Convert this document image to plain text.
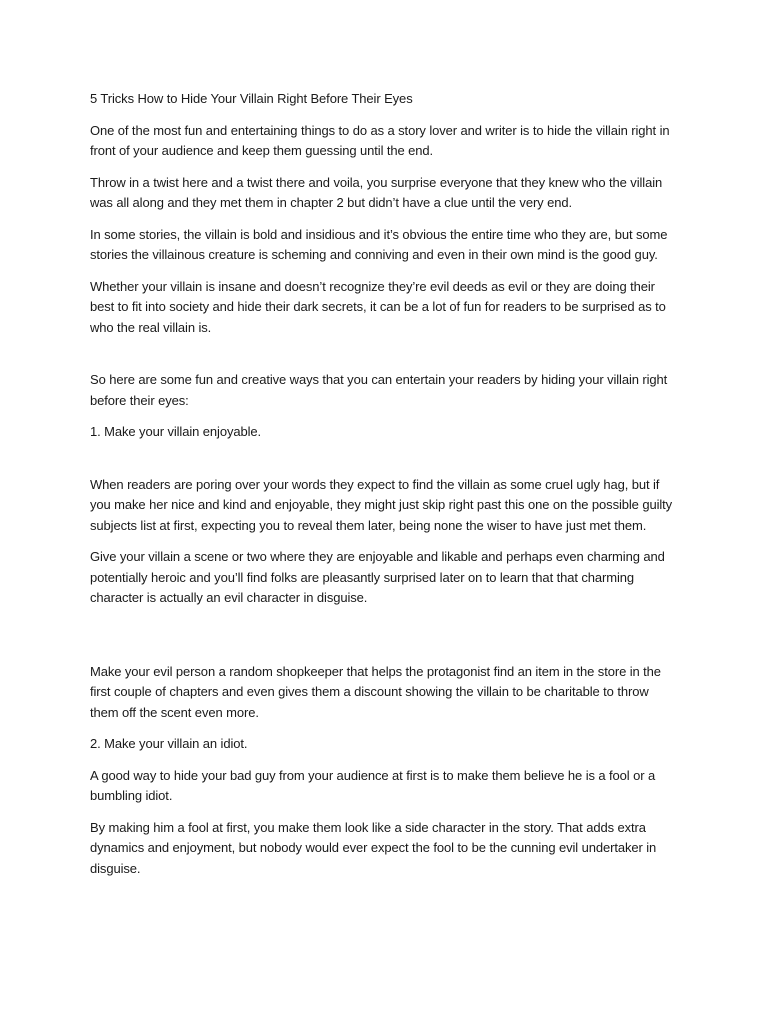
5 Tricks How to Hide Your Villain Right Before Their Eyes

One of the most fun and entertaining things to do as a story lover and writer is to hide the villain right in front of your audience and keep them guessing until the end.

Throw in a twist here and a twist there and voila, you surprise everyone that they knew who the villain was all along and they met them in chapter 2 but didn’t have a clue until the very end.

In some stories, the villain is bold and insidious and it’s obvious the entire time who they are, but some stories the villainous creature is scheming and conniving and even in their own mind is the good guy.

Whether your villain is insane and doesn’t recognize they’re evil deeds as evil or they are doing their best to fit into society and hide their dark secrets, it can be a lot of fun for readers to be surprised as to who the real villain is.

So here are some fun and creative ways that you can entertain your readers by hiding your villain right before their eyes:

1. Make your villain enjoyable.

When readers are poring over your words they expect to find the villain as some cruel ugly hag, but if you make her nice and kind and enjoyable, they might just skip right past this one on the possible guilty subjects list at first, expecting you to reveal them later, being none the wiser to have just met them.

Give your villain a scene or two where they are enjoyable and likable and perhaps even charming and potentially heroic and you’ll find folks are pleasantly surprised later on to learn that that charming character is actually an evil character in disguise.

Make your evil person a random shopkeeper that helps the protagonist find an item in the store in the first couple of chapters and even gives them a discount showing the villain to be charitable to throw them off the scent even more.

2. Make your villain an idiot.

A good way to hide your bad guy from your audience at first is to make them believe he is a fool or a bumbling idiot.

By making him a fool at first, you make them look like a side character in the story. That adds extra dynamics and enjoyment, but nobody would ever expect the fool to be the cunning evil undertaker in disguise.
